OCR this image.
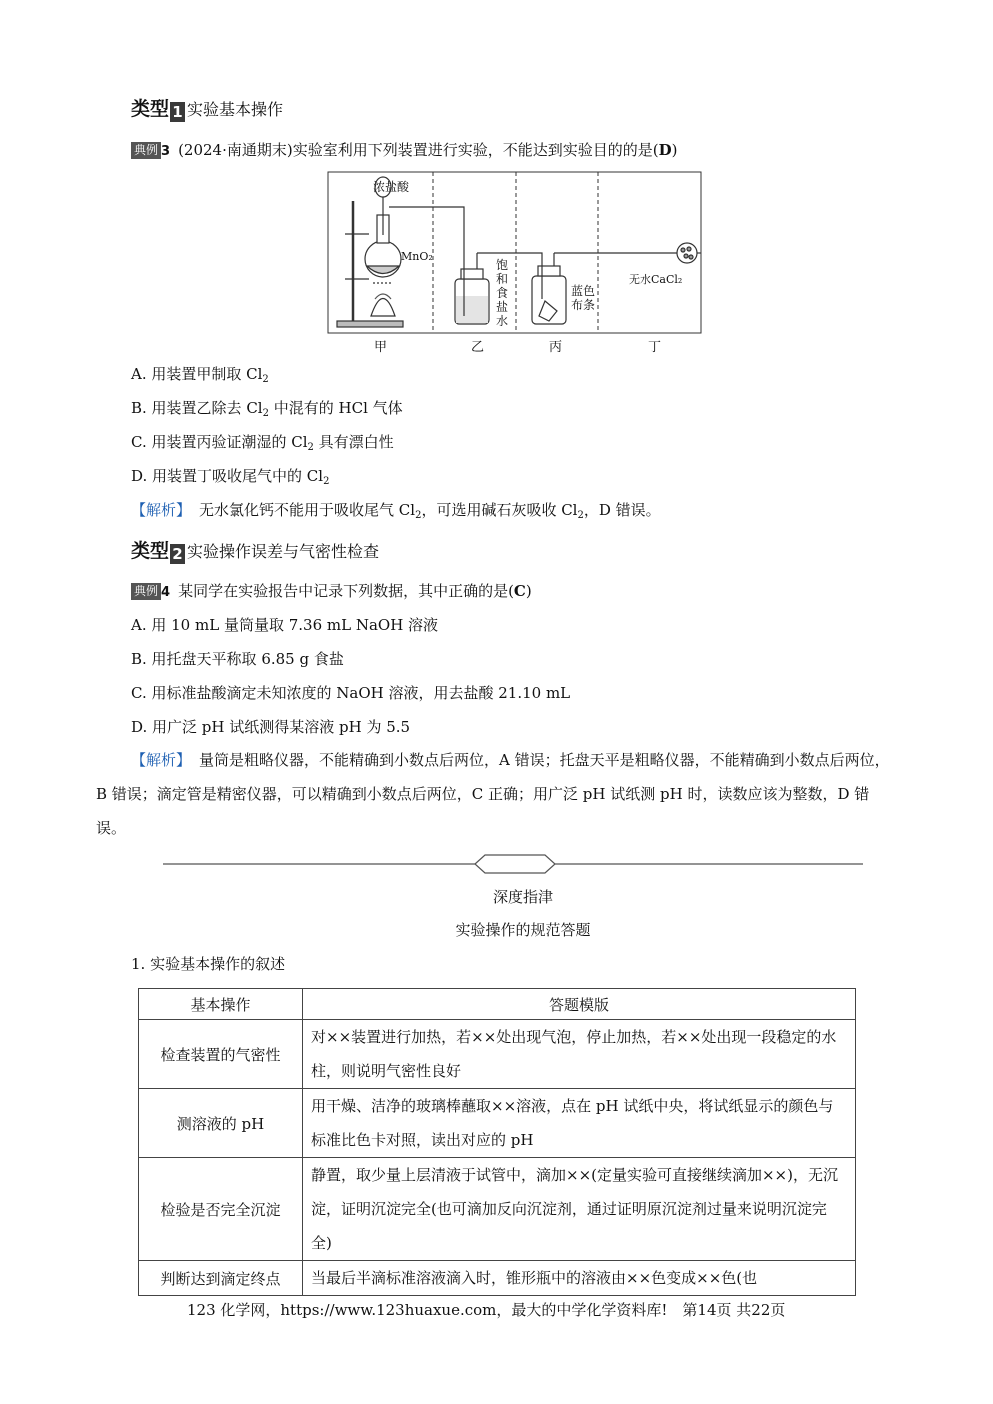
类型 1 实验基本操作
典例 3 (2024·南通期末)实验室利用下列装置进行实验，不能达到实验目的的是(D)
浓盐酸
MnO₂
饱
和
食
盐
水
蓝色
布条
无水CaCl₂
甲	乙	丙	丁
A. 用装置甲制取 $Cl_2$
B. 用装置乙除去 $Cl_2$ 中混有的 HCl 气体
C. 用装置丙验证潮湿的 $Cl_2$ 具有漂白性
D. 用装置丁吸收尾气中的 $Cl_2$
【解析】 无水氯化钙不能用于吸收尾气 $Cl_2$，可选用碱石灰吸收 $Cl_2$，D 错误。
类型 2 实验操作误差与气密性检查
典例 4 某同学在实验报告中记录下列数据，其中正确的是(C)
A. 用 10 mL 量筒量取 7.36 mL NaOH 溶液
B. 用托盘天平称取 6.85 g 食盐
C. 用标准盐酸滴定未知浓度的 NaOH 溶液，用去盐酸 21.10 mL
D. 用广泛 pH 试纸测得某溶液 pH 为 5.5
【解析】 量筒是粗略仪器，不能精确到小数点后两位，A 错误；托盘天平是粗略仪器，不能精确到小数点后两位，B 错误；滴定管是精密仪器，可以精确到小数点后两位，C 正确；用广泛 pH 试纸测 pH 时，读数应该为整数，D 错误。
深度指津
实验操作的规范答题
1. 实验基本操作的叙述
基本操作	答题模版
检查装置的气密性	对××装置进行加热，若××处出现气泡，停止加热，若××处出现一段稳定的水柱，则说明气密性良好
测溶液的 pH	用干燥、洁净的玻璃棒蘸取××溶液，点在 pH 试纸中央，将试纸显示的颜色与标准比色卡对照，读出对应的 pH
检验是否完全沉淀	静置，取少量上层清液于试管中，滴加××(定量实验可直接继续滴加××)，无沉淀，证明沉淀完全(也可滴加反向沉淀剂，通过证明原沉淀剂过量来说明沉淀完全)
判断达到滴定终点	当最后半滴标准溶液滴入时，锥形瓶中的溶液由××色变成××色(也
123 化学网，https://www.123huaxue.com，最大的中学化学资料库!　第14页 共22页
